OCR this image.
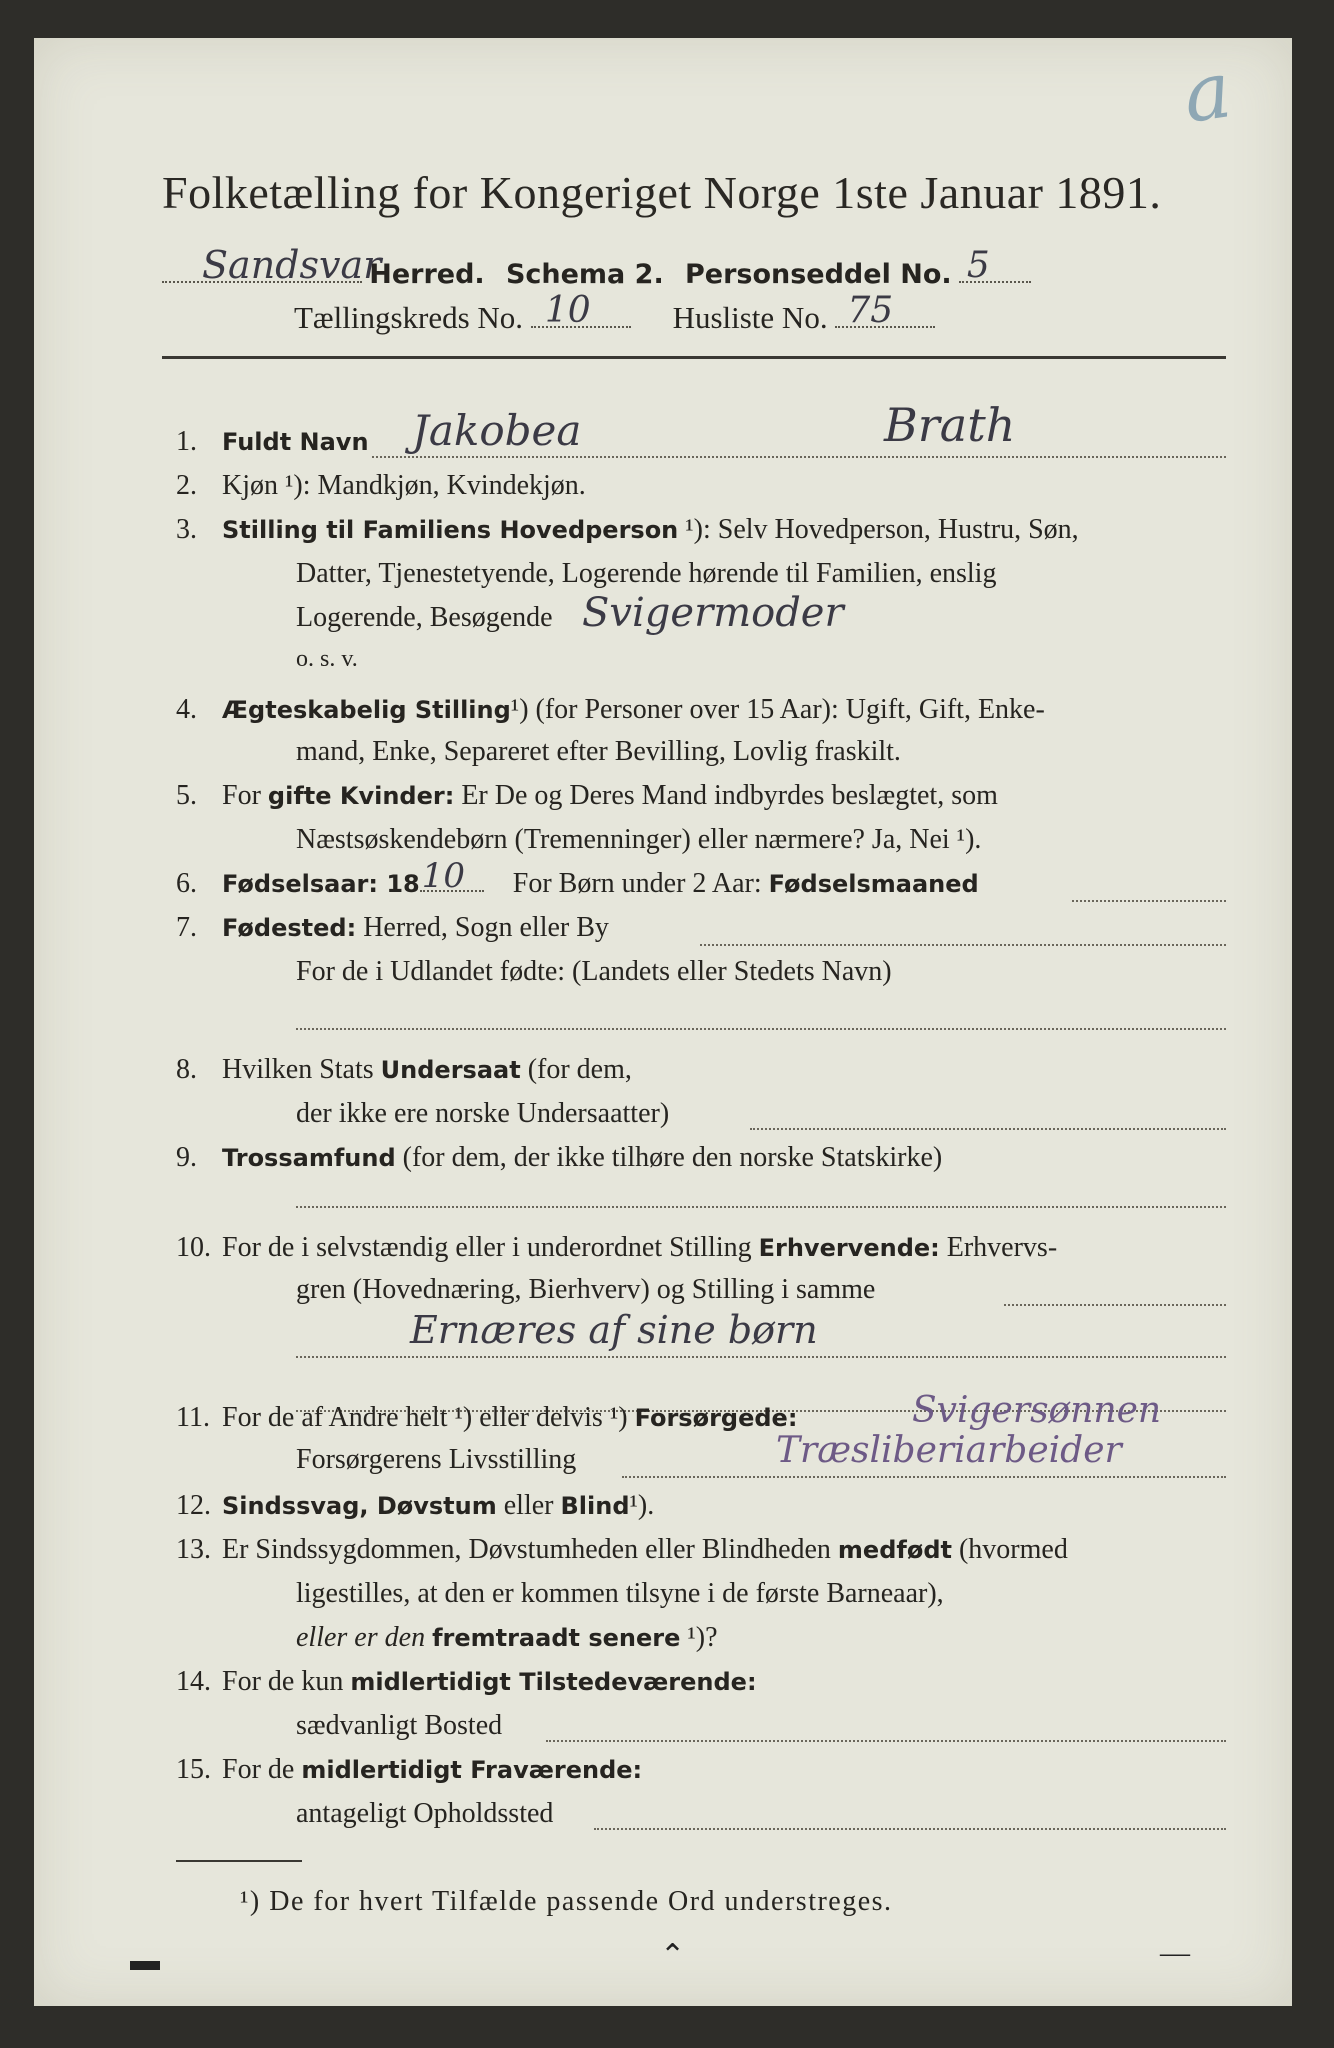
a
Folketælling for Kongeriget Norge 1ste Januar 1891.
Sandsvar
Herred. Schema 2. Personseddel No. 5
Tællingskreds No. 10	Husliste No. 75
1.	Fuldt Navn Jakobea	Brath
2. Kjøn ¹): Mandkjøn, Kvindekjøn.
3.	Stilling til Familiens Hovedperson ¹): Selv Hovedperson, Hustru, Søn,
Datter, Tjenestetyende, Logerende hørende til Familien, enslig
Logerende, Besøgende Svigermoder
o. s. v.
4.	Ægteskabelig Stilling¹) (for Personer over 15 Aar): Ugift, Gift, Enke-
mand, Enke, Separeret efter Bevilling, Lovlig fraskilt.
5. For gifte Kvinder: Er De og Deres Mand indbyrdes beslægtet, som
Næstsøskendebørn (Tremenninger) eller nærmere? Ja, Nei ¹).
6.	Fødselsaar: 18 10 For Børn under 2 Aar: Fødselsmaaned
7.	Fødested: Herred, Sogn eller By
For de i Udlandet fødte: (Landets eller Stedets Navn)
8. Hvilken Stats Undersaat (for dem,
der ikke ere norske Undersaatter)
9.	Trossamfund (for dem, der ikke tilhøre den norske Statskirke)
10. For de i selvstændig eller i underordnet Stilling Erhvervende: Erhvervs-
gren (Hovednæring, Bierhverv) og Stilling i samme
Ernæres af sine børn
11. For de af Andre helt ¹) eller delvis ¹) Forsørgede:	Svigersønnen
Forsørgerens Livsstilling	Træsliberiarbeider
12. Sindssvag, Døvstum eller Blind¹).
13. Er Sindssygdommen, Døvstumheden eller Blindheden medfødt (hvormed
ligestilles, at den er kommen tilsyne i de første Barneaar),
eller er den fremtraadt senere ¹)?
14. For de kun midlertidigt Tilstedeværende:
sædvanligt Bosted
15. For de midlertidigt Fraværende:
antageligt Opholdssted
¹) De for hvert Tilfælde passende Ord understreges.
▬	⌃	—
